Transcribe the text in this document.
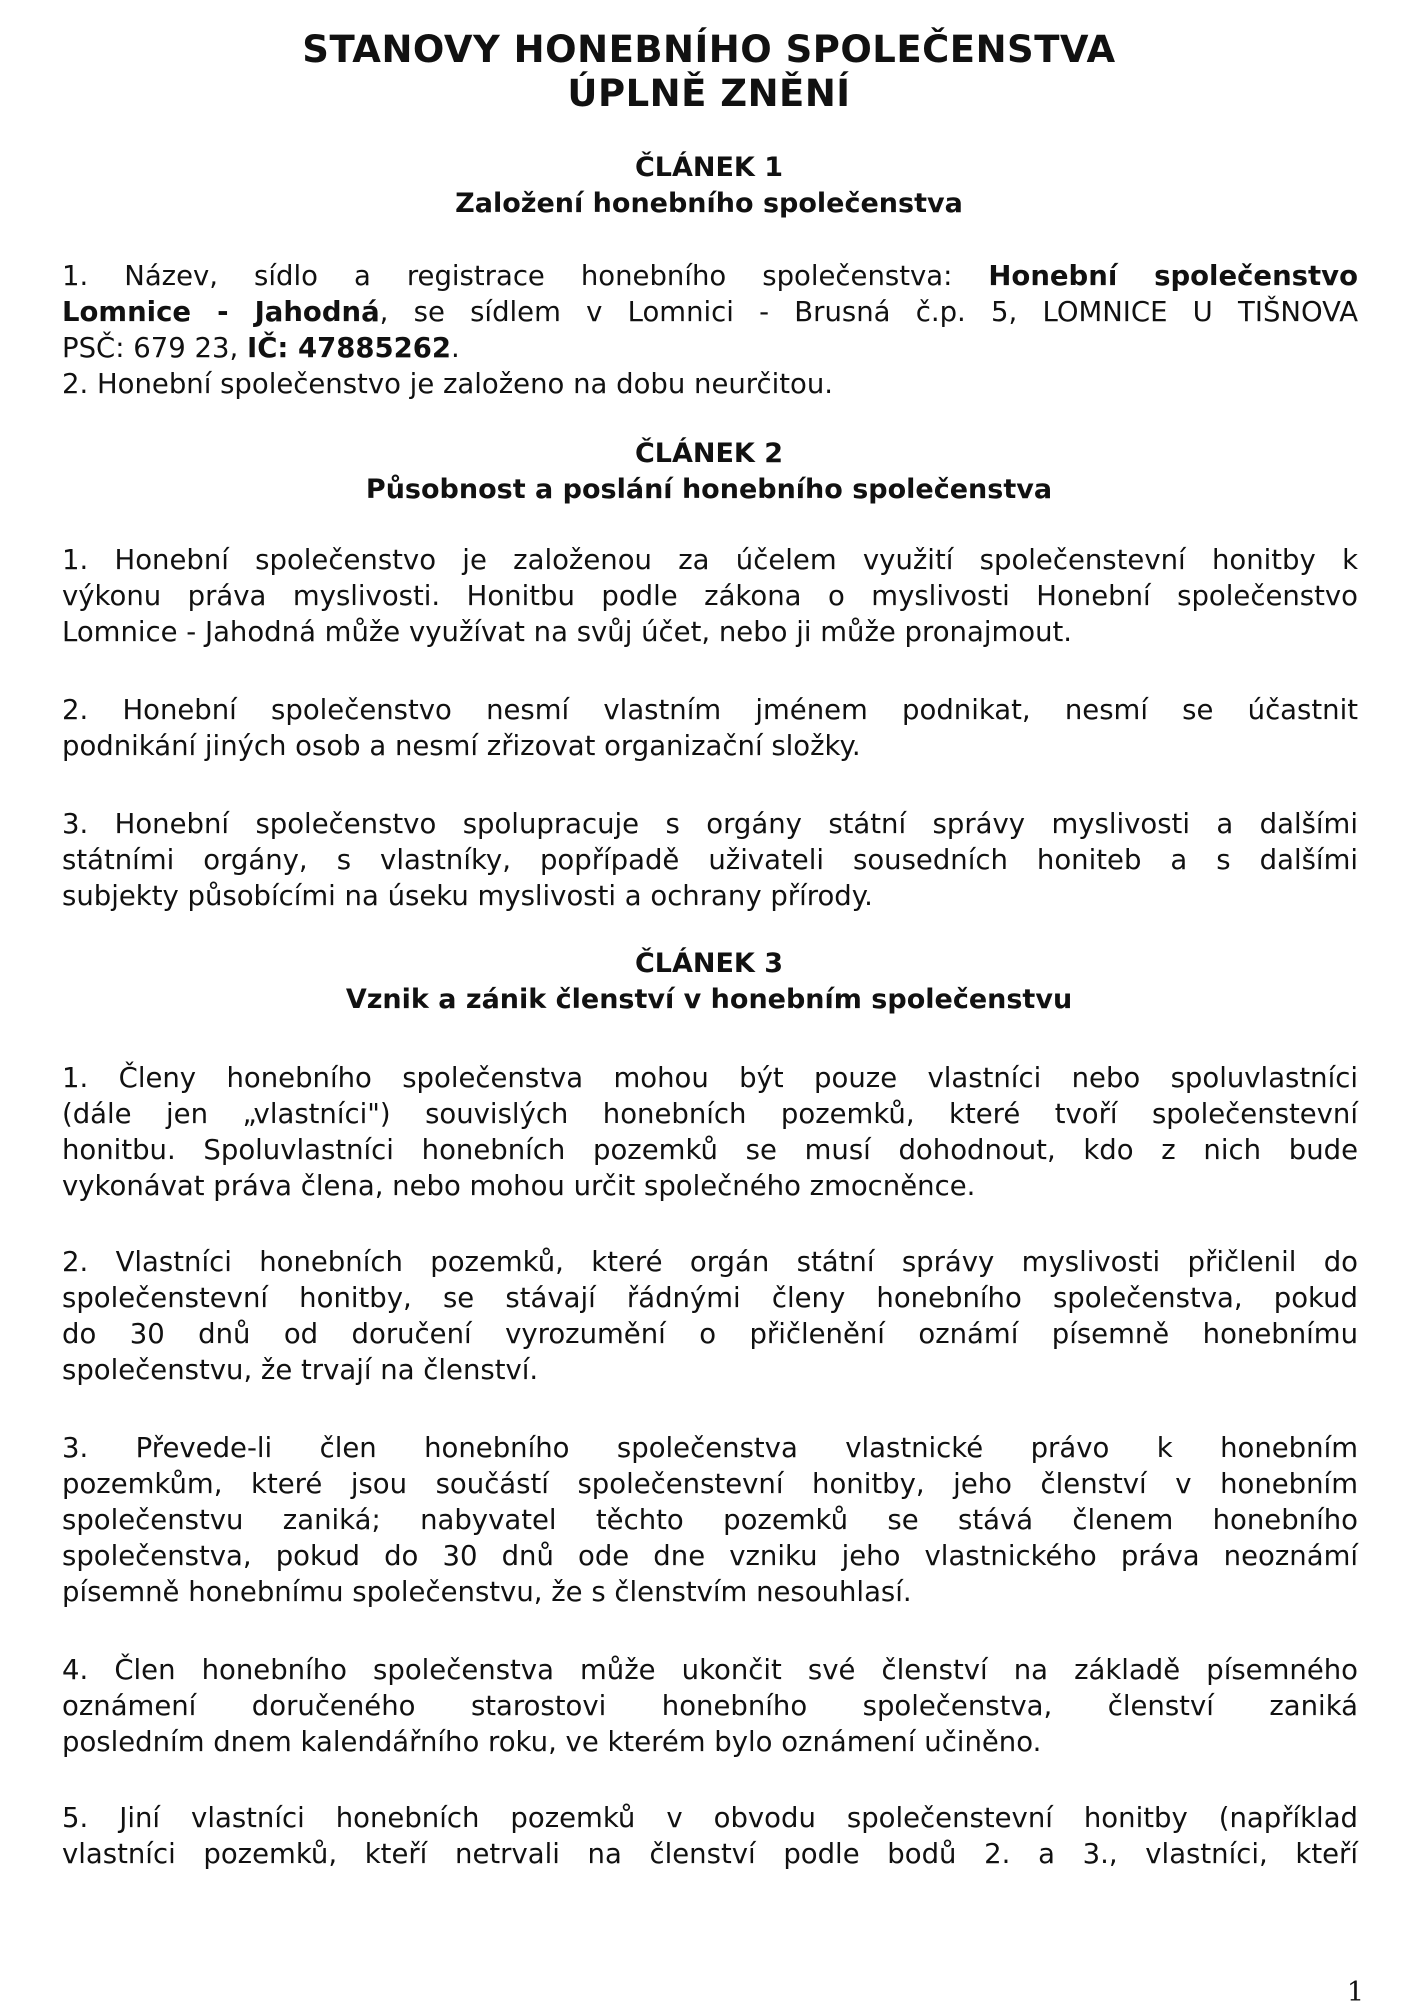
STANOVY HONEBNÍHO SPOLEČENSTVA
ÚPLNĚ ZNĚNÍ
ČLÁNEK 1
Založení honebního společenstva
1. Název, sídlo a registrace honebního společenstva: Honební společenstvo
Lomnice - Jahodná, se sídlem v Lomnici - Brusná č.p. 5, LOMNICE U TIŠNOVA
PSČ: 679 23, IČ: 47885262.
2. Honební společenstvo je založeno na dobu neurčitou.
ČLÁNEK 2
Působnost a poslání honebního společenstva
1. Honební společenstvo je založenou za účelem využití společenstevní honitby k
výkonu práva myslivosti. Honitbu podle zákona o myslivosti Honební společenstvo
Lomnice - Jahodná může využívat na svůj účet, nebo ji může pronajmout.
2. Honební společenstvo nesmí vlastním jménem podnikat, nesmí se účastnit
podnikání jiných osob a nesmí zřizovat organizační složky.
3. Honební společenstvo spolupracuje s orgány státní správy myslivosti a dalšími
státními orgány, s vlastníky, popřípadě uživateli sousedních honiteb a s dalšími
subjekty působícími na úseku myslivosti a ochrany přírody.
ČLÁNEK 3
Vznik a zánik členství v honebním společenstvu
1. Členy honebního společenstva mohou být pouze vlastníci nebo spoluvlastníci
(dále jen „vlastníci") souvislých honebních pozemků, které tvoří společenstevní
honitbu. Spoluvlastníci honebních pozemků se musí dohodnout, kdo z nich bude
vykonávat práva člena, nebo mohou určit společného zmocněnce.
2. Vlastníci honebních pozemků, které orgán státní správy myslivosti přičlenil do
společenstevní honitby, se stávají řádnými členy honebního společenstva, pokud
do 30 dnů od doručení vyrozumění o přičlenění oznámí písemně honebnímu
společenstvu, že trvají na členství.
3. Převede-li člen honebního společenstva vlastnické právo k honebním
pozemkům, které jsou součástí společenstevní honitby, jeho členství v honebním
společenstvu zaniká; nabyvatel těchto pozemků se stává členem honebního
společenstva, pokud do 30 dnů ode dne vzniku jeho vlastnického práva neoznámí
písemně honebnímu společenstvu, že s členstvím nesouhlasí.
4. Člen honebního společenstva může ukončit své členství na základě písemného
oznámení doručeného starostovi honebního společenstva, členství zaniká
posledním dnem kalendářního roku, ve kterém bylo oznámení učiněno.
5. Jiní vlastníci honebních pozemků v obvodu společenstevní honitby (například
vlastníci pozemků, kteří netrvali na členství podle bodů 2. a 3., vlastníci, kteří
1
